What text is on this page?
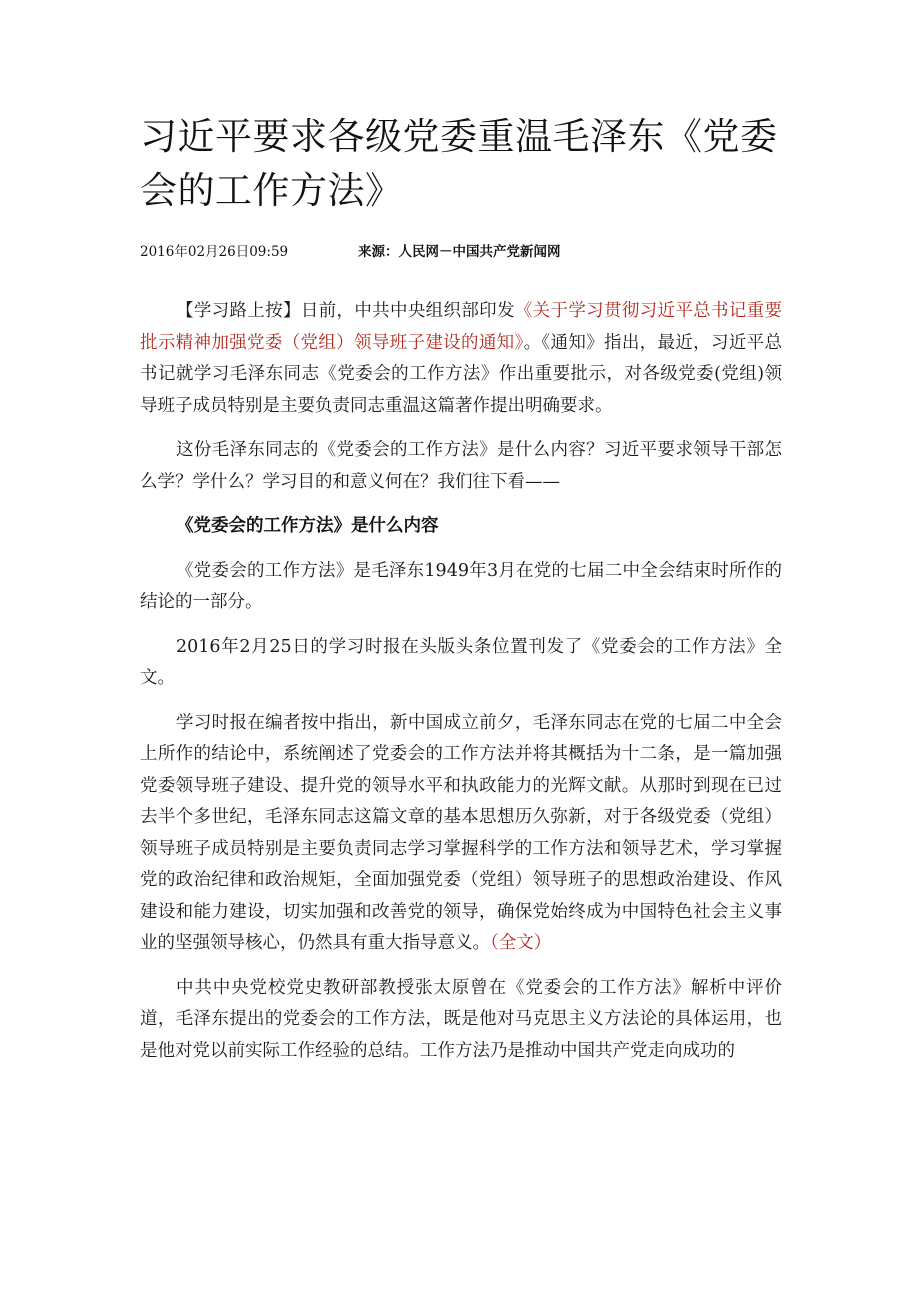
习近平要求各级党委重温毛泽东《党委会的工作方法》
2016年02月26日09:59	来源：人民网－中国共产党新闻网

【学习路上按】日前，中共中央组织部印发《关于学习贯彻习近平总书记重要批示精神加强党委（党组）领导班子建设的通知》。《通知》指出，最近，习近平总书记就学习毛泽东同志《党委会的工作方法》作出重要批示，对各级党委(党组)领导班子成员特别是主要负责同志重温这篇著作提出明确要求。

这份毛泽东同志的《党委会的工作方法》是什么内容？习近平要求领导干部怎么学？学什么？学习目的和意义何在？我们往下看——

《党委会的工作方法》是什么内容

《党委会的工作方法》是毛泽东1949年3月在党的七届二中全会结束时所作的结论的一部分。

2016年2月25日的学习时报在头版头条位置刊发了《党委会的工作方法》全文。

学习时报在编者按中指出，新中国成立前夕，毛泽东同志在党的七届二中全会上所作的结论中，系统阐述了党委会的工作方法并将其概括为十二条，是一篇加强党委领导班子建设、提升党的领导水平和执政能力的光辉文献。从那时到现在已过去半个多世纪，毛泽东同志这篇文章的基本思想历久弥新，对于各级党委（党组）领导班子成员特别是主要负责同志学习掌握科学的工作方法和领导艺术，学习掌握党的政治纪律和政治规矩，全面加强党委（党组）领导班子的思想政治建设、作风建设和能力建设，切实加强和改善党的领导，确保党始终成为中国特色社会主义事业的坚强领导核心，仍然具有重大指导意义。（全文）

中共中央党校党史教研部教授张太原曾在《党委会的工作方法》解析中评价道，毛泽东提出的党委会的工作方法，既是他对马克思主义方法论的具体运用，也是他对党以前实际工作经验的总结。工作方法乃是推动中国共产党走向成功的
